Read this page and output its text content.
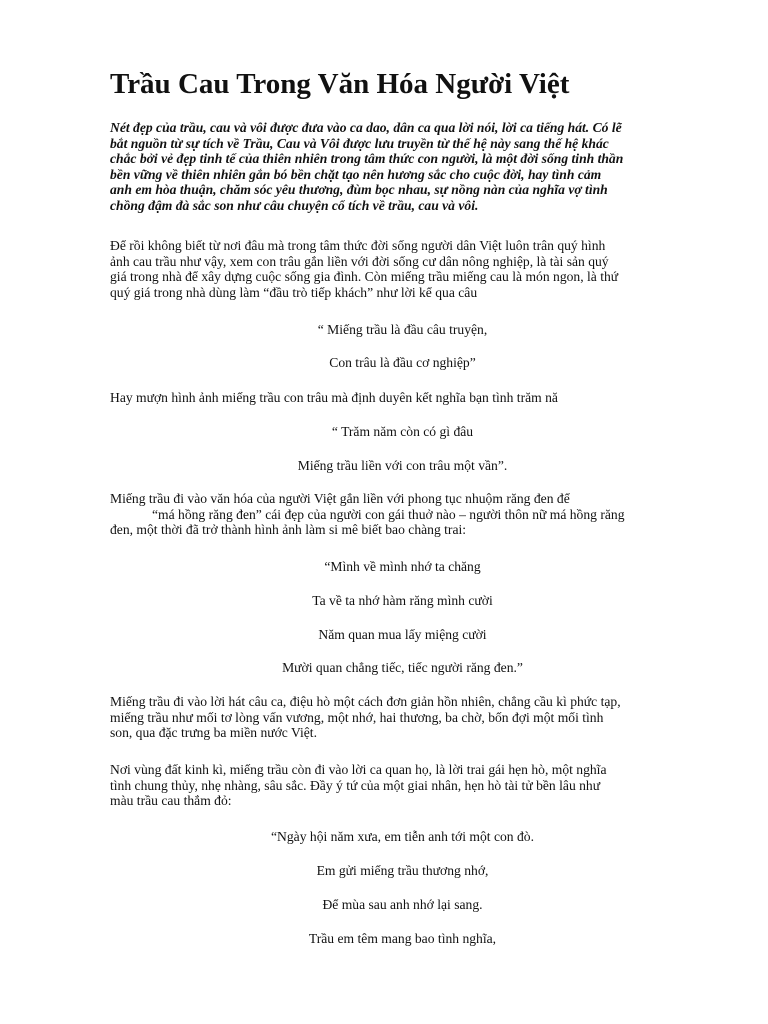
Trầu Cau Trong Văn Hóa Người Việt
Nét đẹp của trầu, cau và vôi được đưa vào ca dao, dân ca qua lời nói, lời ca tiếng hát. Có lẽ
bắt nguồn từ sự tích về Trầu, Cau và Vôi được lưu truyền từ thế hệ này sang thế hệ khác
chắc bởi vẻ đẹp tinh tế của thiên nhiên trong tâm thức con người, là một đời sống tinh thần
bền vững về thiên nhiên gắn bó bền chặt tạo nên hương sắc cho cuộc đời, hay tình cảm
anh em hòa thuận, chăm sóc yêu thương, đùm bọc nhau, sự nồng nàn của nghĩa vợ tình
chồng đậm đà sắc son như câu chuyện cổ tích về trầu, cau và vôi.
Để rồi không biết từ nơi đâu mà trong tâm thức đời sống người dân Việt luôn trân quý hình
ảnh cau trầu như vậy, xem con trâu gắn liền với đời sống cư dân nông nghiệp, là tài sản quý
giá trong nhà để xây dựng cuộc sống gia đình. Còn miếng trầu miếng cau là món ngon, là thứ
quý giá trong nhà dùng làm “đầu trò tiếp khách” như lời kể qua câu
“ Miếng trầu là đầu câu truyện,
Con trâu là đầu cơ nghiệp”
Hay mượn hình ảnh miếng trầu con trâu mà định duyên kết nghĩa bạn tình trăm nă
“ Trăm năm còn có gì đâu
Miếng trầu liền với con trâu một vần”.
Miếng trầu đi vào văn hóa của người Việt gắn liền với phong tục nhuộm răng đen để
“má hồng răng đen” cái đẹp của người con gái thuở nào – người thôn nữ má hồng răng
đen, một thời đã trở thành hình ảnh làm si mê biết bao chàng trai:
“Mình về mình nhớ ta chăng
Ta về ta nhớ hàm răng mình cười
Năm quan mua lấy miệng cười
Mười quan chẳng tiếc, tiếc người răng đen.”
Miếng trầu đi vào lời hát câu ca, điệu hò một cách đơn giản hồn nhiên, chẳng cầu kì phức tạp,
miếng trầu như mối tơ lòng vấn vương, một nhớ, hai thương, ba chờ, bốn đợi một mối tình
son, qua đặc trưng ba miền nước Việt.
Nơi vùng đất kinh kì, miếng trầu còn đi vào lời ca quan họ, là lời trai gái hẹn hò, một nghĩa
tình chung thủy, nhẹ nhàng, sâu sắc. Đầy ý tứ của một giai nhân, hẹn hò tài tử bền lâu như
màu trầu cau thắm đỏ:
“Ngày hội năm xưa, em tiễn anh tới một con đò.
Em gửi miếng trầu thương nhớ,
Để mùa sau anh nhớ lại sang.
Trầu em têm mang bao tình nghĩa,
